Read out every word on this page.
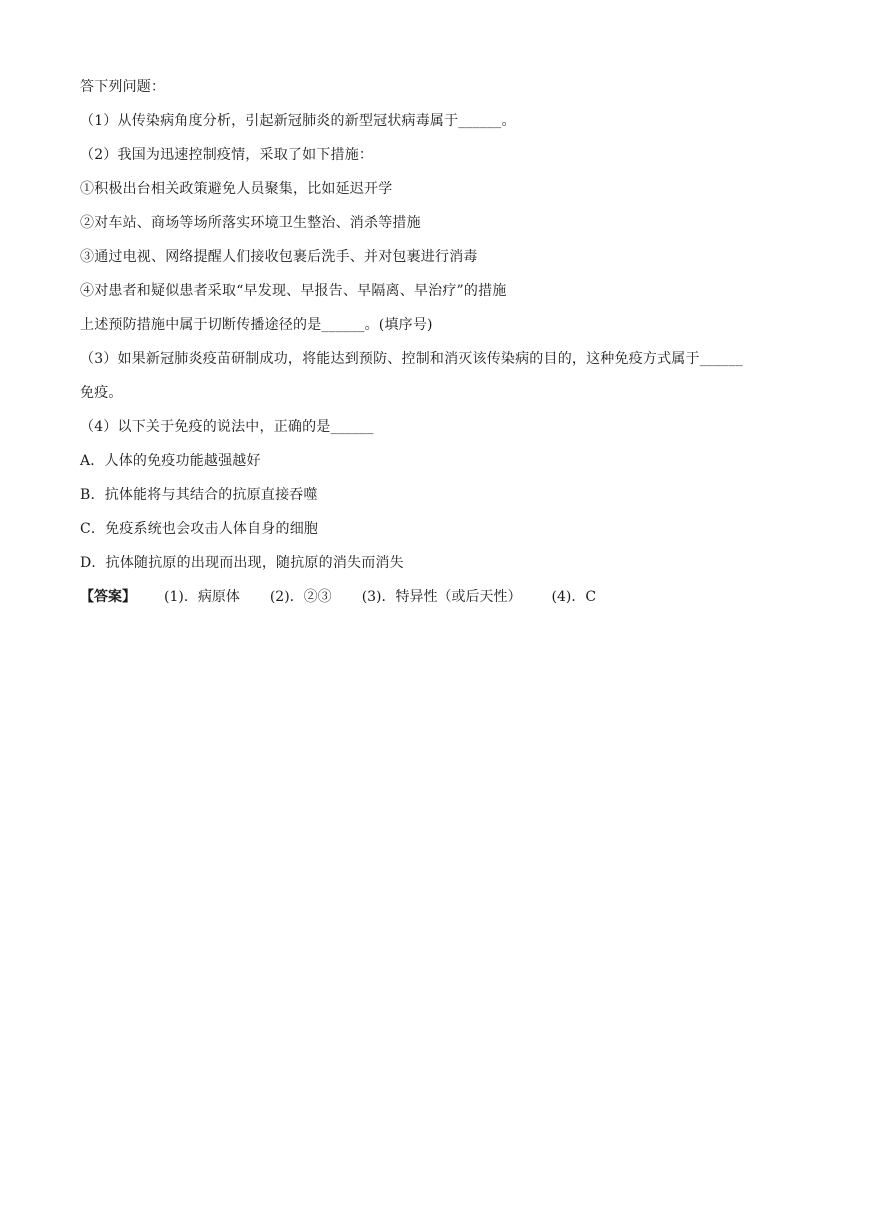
答下列问题：
（1）从传染病角度分析，引起新冠肺炎的新型冠状病毒属于______。
（2）我国为迅速控制疫情，采取了如下措施：
①积极出台相关政策避免人员聚集，比如延迟开学
②对车站、商场等场所落实环境卫生整治、消杀等措施
③通过电视、网络提醒人们接收包裹后洗手、并对包裹进行消毒
④对患者和疑似患者采取“早发现、早报告、早隔离、早治疗”的措施
上述预防措施中属于切断传播途径的是______。(填序号)
（3）如果新冠肺炎疫苗研制成功，将能达到预防、控制和消灭该传染病的目的，这种免疫方式属于______
免疫。
（4）以下关于免疫的说法中，正确的是______
A．人体的免疫功能越强越好
B．抗体能将与其结合的抗原直接吞噬
C．免疫系统也会攻击人体自身的细胞
D．抗体随抗原的出现而出现，随抗原的消失而消失
【答案】 (1)．病原体 (2)．②③ (3)．特异性（或后天性） (4)．C
